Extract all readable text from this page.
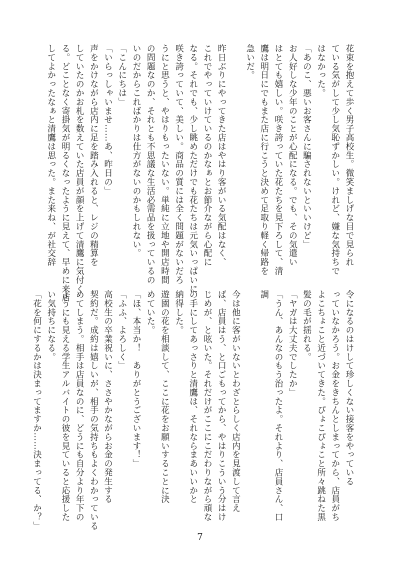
花束を抱えて歩く男子高校生。微笑ましげな目で見られ

ている気がして少し気恥ずかしい。けれど、嫌な気持ちで

はなかった。

「あのこ、悪いお客さんに騙されないといいけど」

お人好しな少年のことが心配になる。でも、その気遣い

はとても嬉しい。咲き誇っていた花たちを見下ろして、清

鷹は明日にでもまた店に行こうと決めて足取り軽く帰路を

急いだ。

昨日ぶりにやってきた店はやはり客がいる気配はなく、

これでやっていけているのかなぁとお節介ながら心配に

なる。それでも、少し眺めただけでも花たちは元気いっぱいに

咲き誇っていて、美しい。商品の質には全く問題がないだろ

うにと思うと、やはりもったいない。単純に立地や開店時間

の問題なのか、それとも不思議な生活必需品を扱っているの

いのだからこればかりは仕方がないのかもしれない。

「こんにちは」

「いらっしゃいませ……あ、昨日の」

声をかけながら店内に足を踏み入れると、レジの精算を

していたのかお札を数えていた店員が顔を上げて清鷹に気付く

る。どことなく寄掛気が明るくなったように見えて、早めに来店

してよかったなぁと清鷹は思った。また来ね、が社交辞

令になるのはけして珍しくない接客をやっている

っていなかろう。お金をきちんとしまってから、店員がち

よこちょこと近づいてきた。ぴょこぴょこと所々跳ねた黒

髪の毛が揺れる。

「ヤガは大丈夫でしたか」

「うん、あんなのもう治ったよ。それより、店員さん、口

調

今は他に客がいないとわざとらしく店内を見渡して言え

ば、店員はう、と口ごもってから、やはりこういう分はけ

じめが、と呟いた。それだけがここにこだわりながら頑な

の手にしてあっさりと清鷹は、それならまあいいかと

納得した。

遊園の花を相談して、ここに花をお願いすることに決

めていた。

「ほ、本当か！　ありがとうございます！」

「ふふ、よろしく」

高校生の卒業祝いに、ささやかながらお金の発生する

契約だ。成約は嬉しいが、相手の気持ちもよくわかっている

めてしまう。相手は店員なのに、どうにも自分より年下の

ようにも見える学生アルバイトの彼を見ていると応援した

い気持ちになる。

「花を何にするかは決まってますか……決まってる、か？」

7
